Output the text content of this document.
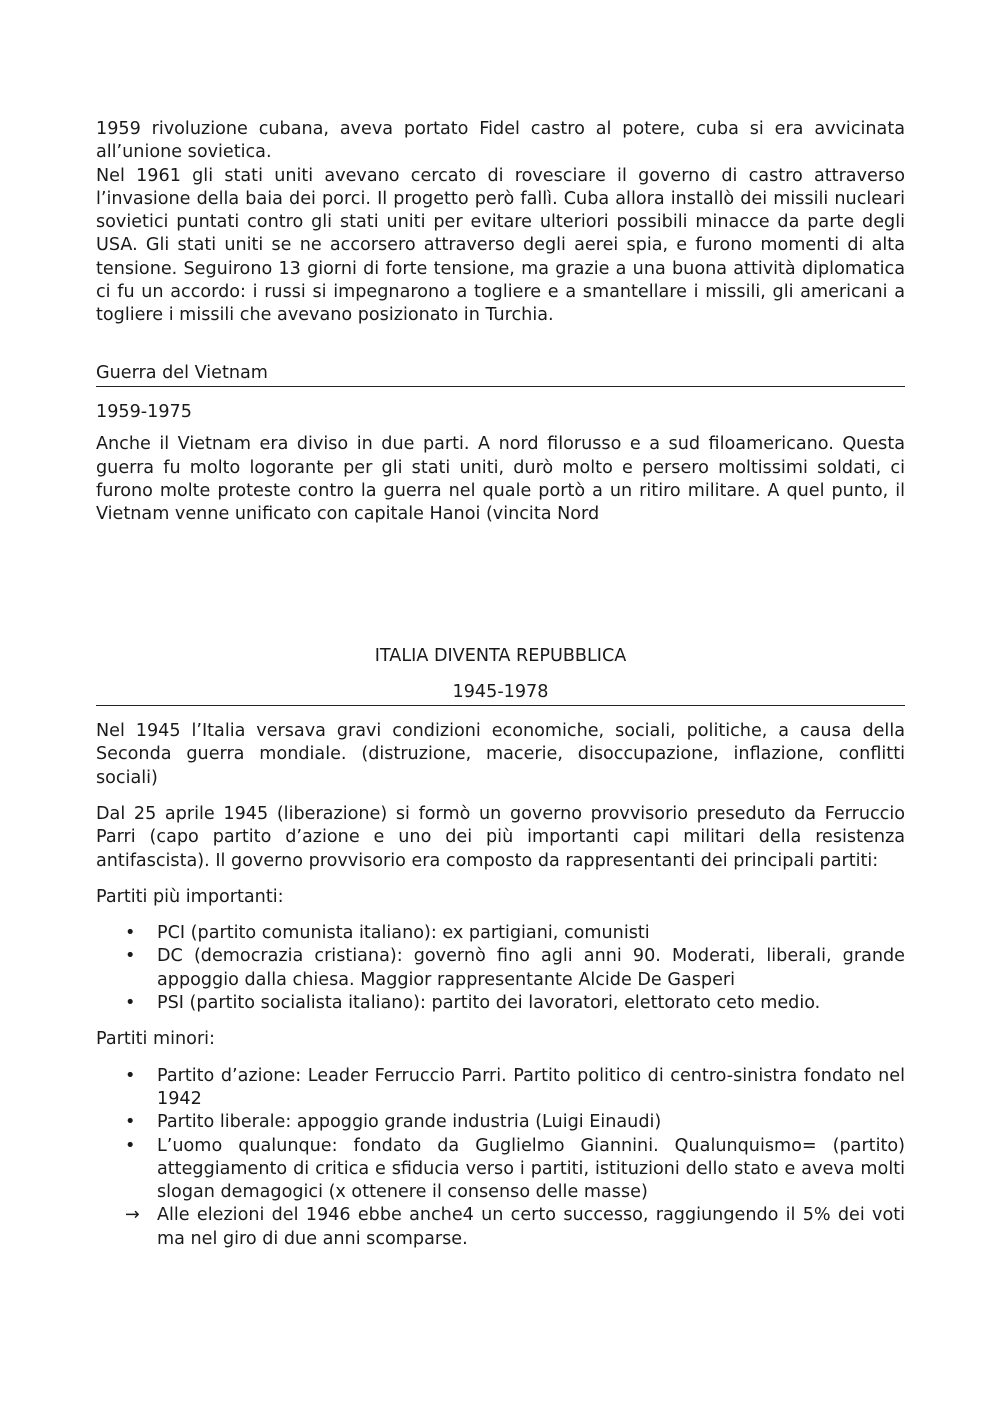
1959 rivoluzione cubana, aveva portato Fidel castro al potere, cuba si era avvicinata all’unione sovietica.

Nel 1961 gli stati uniti avevano cercato di rovesciare il governo di castro attraverso l’invasione della baia dei porci. Il progetto però fallì. Cuba allora installò dei missili nucleari sovietici puntati contro gli stati uniti per evitare ulteriori possibili minacce da parte degli USA. Gli stati uniti se ne accorsero attraverso degli aerei spia, e furono momenti di alta tensione. Seguirono 13 giorni di forte tensione, ma grazie a una buona attività diplomatica ci fu un accordo: i russi si impegnarono a togliere e a smantellare i missili, gli americani a togliere i missili che avevano posizionato in Turchia.

Guerra del Vietnam

1959-1975

Anche il Vietnam era diviso in due parti. A nord filorusso e a sud filoamericano. Questa guerra fu molto logorante per gli stati uniti, durò molto e persero moltissimi soldati, ci furono molte proteste contro la guerra nel quale portò a un ritiro militare. A quel punto, il Vietnam venne unificato con capitale Hanoi (vincita Nord

ITALIA DIVENTA REPUBBLICA

1945-1978

Nel 1945 l’Italia versava gravi condizioni economiche, sociali, politiche, a causa della Seconda guerra mondiale. (distruzione, macerie, disoccupazione, inflazione, conflitti sociali)

Dal 25 aprile 1945 (liberazione) si formò un governo provvisorio preseduto da Ferruccio Parri (capo partito d’azione e uno dei più importanti capi militari della resistenza antifascista). Il governo provvisorio era composto da rappresentanti dei principali partiti:

Partiti più importanti:

• PCI (partito comunista italiano): ex partigiani, comunisti
• DC (democrazia cristiana): governò fino agli anni 90. Moderati, liberali, grande appoggio dalla chiesa. Maggior rappresentante Alcide De Gasperi
• PSI (partito socialista italiano): partito dei lavoratori, elettorato ceto medio.

Partiti minori:

• Partito d’azione: Leader Ferruccio Parri. Partito politico di centro-sinistra fondato nel 1942
• Partito liberale: appoggio grande industria (Luigi Einaudi)
• L’uomo qualunque: fondato da Guglielmo Giannini. Qualunquismo= (partito) atteggiamento di critica e sfiducia verso i partiti, istituzioni dello stato e aveva molti slogan demagogici (x ottenere il consenso delle masse)
→ Alle elezioni del 1946 ebbe anche4 un certo successo, raggiungendo il 5% dei voti ma nel giro di due anni scomparse.
